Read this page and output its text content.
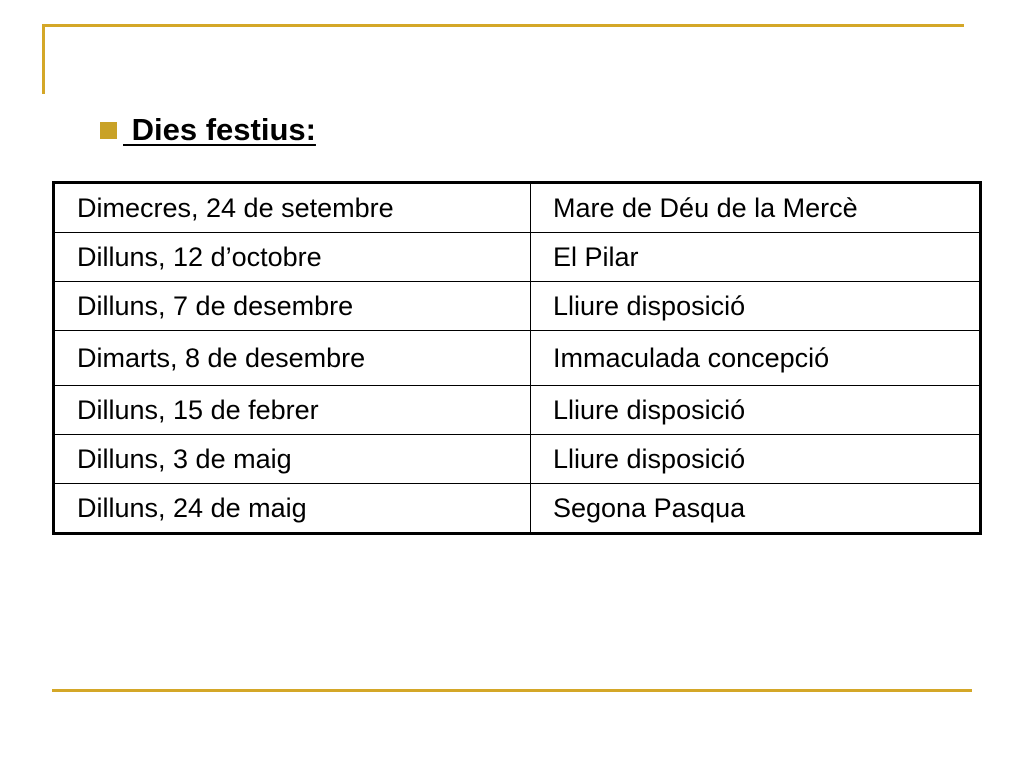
Dies festius:
Dimecres, 24 de setembre	Mare de Déu de la Mercè
Dilluns, 12 d’octobre	El Pilar
Dilluns, 7 de desembre	Lliure disposició
Dimarts, 8 de desembre	Immaculada concepció
Dilluns, 15 de febrer	Lliure disposició
Dilluns, 3 de maig	Lliure disposició
Dilluns, 24 de maig	Segona Pasqua
